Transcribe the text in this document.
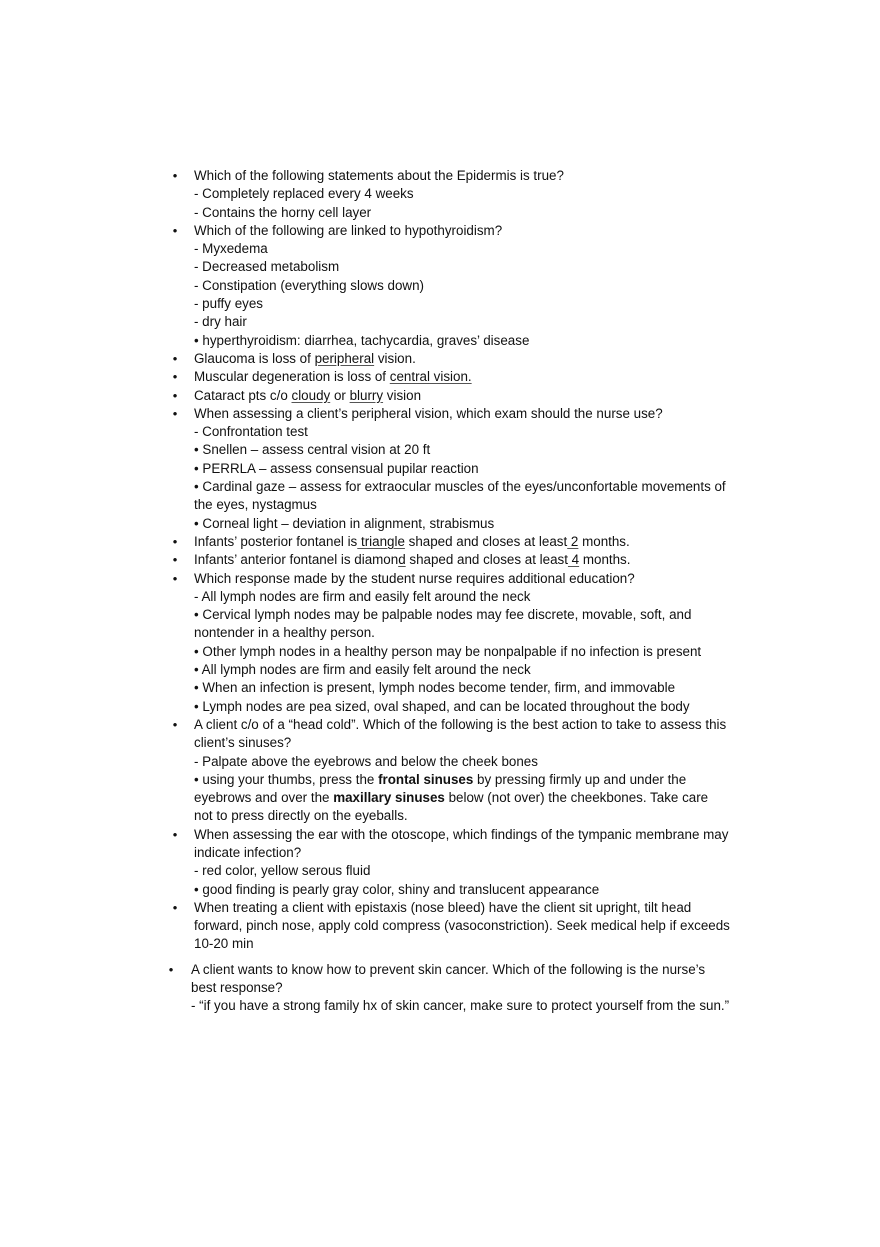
• Which of the following statements about the Epidermis is true?
- Completely replaced every 4 weeks
- Contains the horny cell layer
• Which of the following are linked to hypothyroidism?
- Myxedema
- Decreased metabolism
- Constipation (everything slows down)
- puffy eyes
- dry hair
• hyperthyroidism: diarrhea, tachycardia, graves’ disease
• Glaucoma is loss of peripheral vision.
• Muscular degeneration is loss of central vision.
• Cataract pts c/o cloudy or blurry vision
• When assessing a client’s peripheral vision, which exam should the nurse use?
- Confrontation test
• Snellen – assess central vision at 20 ft
• PERRLA – assess consensual pupilar reaction
• Cardinal gaze – assess for extraocular muscles of the eyes/unconfortable movements of the eyes, nystagmus
• Corneal light – deviation in alignment, strabismus
• Infants’ posterior fontanel is triangle shaped and closes at least 2 months.
• Infants’ anterior fontanel is diamond shaped and closes at least 4 months.
• Which response made by the student nurse requires additional education?
- All lymph nodes are firm and easily felt around the neck
• Cervical lymph nodes may be palpable nodes may fee discrete, movable, soft, and nontender in a healthy person.
• Other lymph nodes in a healthy person may be nonpalpable if no infection is present
• All lymph nodes are firm and easily felt around the neck
• When an infection is present, lymph nodes become tender, firm, and immovable
• Lymph nodes are pea sized, oval shaped, and can be located throughout the body
• A client c/o of a “head cold”. Which of the following is the best action to take to assess this client’s sinuses?
- Palpate above the eyebrows and below the cheek bones
• using your thumbs, press the frontal sinuses by pressing firmly up and under the eyebrows and over the maxillary sinuses below (not over) the cheekbones. Take care not to press directly on the eyeballs.
• When assessing the ear with the otoscope, which findings of the tympanic membrane may indicate infection?
- red color, yellow serous fluid
• good finding is pearly gray color, shiny and translucent appearance
• When treating a client with epistaxis (nose bleed) have the client sit upright, tilt head forward, pinch nose, apply cold compress (vasoconstriction). Seek medical help if exceeds 10-20 min
• A client wants to know how to prevent skin cancer. Which of the following is the nurse’s best response?
- “if you have a strong family hx of skin cancer, make sure to protect yourself from the sun.”
